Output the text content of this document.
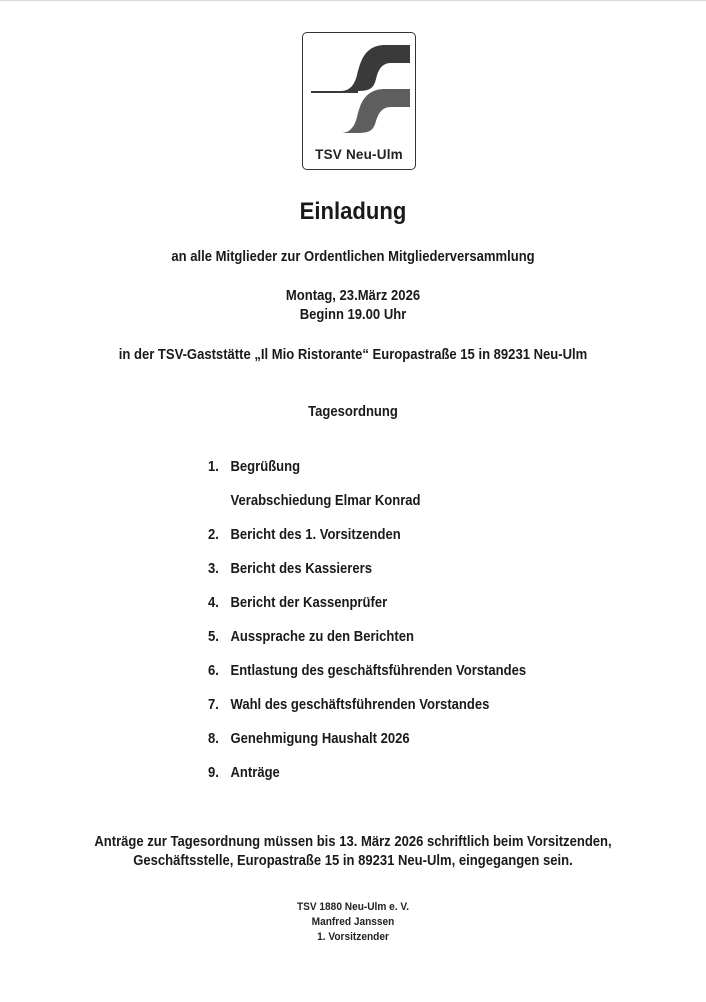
TSV Neu-Ulm
Einladung
an alle Mitglieder zur Ordentlichen Mitgliederversammlung
Montag, 23.März 2026
Beginn 19.00 Uhr
in der TSV-Gaststätte „Il Mio Ristorante“ Europastraße 15 in 89231 Neu-Ulm
Tagesordnung
1. Begrüßung
Verabschiedung Elmar Konrad
2. Bericht des 1. Vorsitzenden
3. Bericht des Kassierers
4. Bericht der Kassenprüfer
5. Aussprache zu den Berichten
6. Entlastung des geschäftsführenden Vorstandes
7. Wahl des geschäftsführenden Vorstandes
8. Genehmigung Haushalt 2026
9. Anträge
Anträge zur Tagesordnung müssen bis 13. März 2026 schriftlich beim Vorsitzenden,
Geschäftsstelle, Europastraße 15 in 89231 Neu-Ulm, eingegangen sein.
TSV 1880 Neu-Ulm e. V.
Manfred Janssen
1. Vorsitzender
